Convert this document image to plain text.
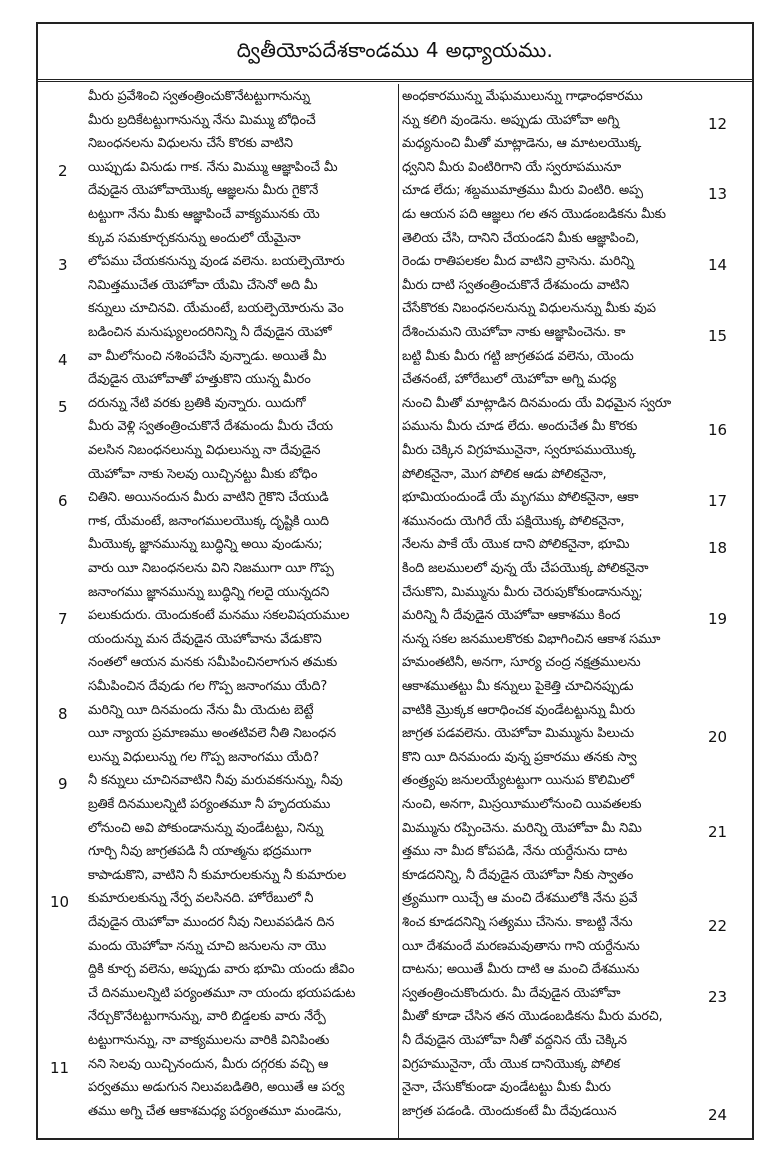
ద్వితీయోపదేశకాండము 4 అధ్యాయము.
మీరు ప్రవేశించి స్వతంత్రించుకొనేటట్టుగానున్ను
మీరు బ్రదికేటట్టుగానున్ను నేను మిమ్ము బోధించే
నిబంధనలను విధులను చేసే కొరకు వాటిని
యిప్పుడు వినుడు గాక. నేను మిమ్ము ఆజ్ఞాపించే మీ
దేవుడైన యెహోవాయొక్క ఆజ్ఞలను మీరు గైకొనే
టట్టుగా నేను మీకు ఆజ్ఞాపించే వాక్యమునకు యె
క్కువ సమకూర్చకనున్ను అందులో యేమైనా
లోపము చేయకనున్ను వుండ వలెను. బయల్పెయోరు
నిమిత్తముచేత యెహోవా యేమి చేసెనో అది మీ
కన్నులు చూచినవి. యేమంటే, బయల్పెయోరును వెం
బడించిన మనుష్యులందరినిన్ని నీ దేవుడైన యెహో
వా మీలోనుంచి నశింపచేసి వున్నాడు. అయితే మీ
దేవుడైన యెహోవాతో హత్తుకొని యున్న మీరం
దరున్ను నేటి వరకు బ్రతికి వున్నారు. యిదుగో
మీరు వెళ్లి స్వతంత్రించుకొనే దేశమందు మీరు చేయ
వలసిన నిబంధనలున్ను విధులున్ను నా దేవుడైన
యెహోవా నాకు సెలవు యిచ్చినట్టు మీకు బోధిం
చితిని. అయినందున మీరు వాటిని గైకొని చేయుడి
గాక, యేమంటే, జనాంగములయొక్క దృష్టికి యిది
మీయొక్క జ్ఞానమున్ను బుద్ధిన్ని అయి వుండును;
వారు యీ నిబంధనలను విని నిజముగా యీ గొప్ప
జనాంగము జ్ఞానమున్ను బుద్ధిన్ని గలదై యున్నదని
పలుకుదురు. యెందుకంటే మనము సకలవిషయముల
యందున్ను మన దేవుడైన యెహోవాను వేడుకొని
నంతలో ఆయన మనకు సమీపించినలాగున తమకు
సమీపించిన దేవుడు గల గొప్ప జనాంగము యేది?
మరిన్ని యీ దినమందు నేను మీ యెదుట బెట్టే
యీ న్యాయ ప్రమాణము అంతటివలె నీతి నిబంధన
లున్ను విధులున్ను గల గొప్ప జనాంగము యేది?
నీ కన్నులు చూచినవాటిని నీవు మరువకనున్ను, నీవు
బ్రతికే దినములన్నిటి పర్యంతమూ నీ హృదయము
లోనుంచి అవి పోకుండానున్ను వుండేటట్టు, నిన్ను
గూర్చి నీవు జాగ్రతపడి నీ యాత్మను భద్రముగా
కాపాడుకొని, వాటిని నీ కుమారులకున్ను నీ కుమారుల
కుమారులకున్ను నేర్ప వలసినది. హోరేబులో నీ
దేవుడైన యెహోవా ముందర నీవు నిలువపడిన దిన
మందు యెహోవా నన్ను చూచి జనులను నా యొ
ద్దికి కూర్చ వలెను, అప్పుడు వారు భూమి యందు జీవిం
చే దినములన్నిటి పర్యంతమూ నా యందు భయపడుట
నేర్చుకొనేటట్టుగానున్ను, వారి బిడ్డలకు వారు నేర్పే
టట్టుగానున్ను, నా వాక్యములను వారికి వినిపింతు
నని సెలవు యిచ్చినందున, మీరు దగ్గరకు వచ్చి ఆ
పర్వతము అడుగున నిలువబడితిరి, అయితే ఆ పర్వ
తము అగ్ని చేత ఆకాశమధ్య పర్యంతమూ మండెను,
అంధకారమున్ను మేఘములున్ను గాఢాంధకారము
న్ను కలిగి వుండెను. అప్పుడు యెహోవా అగ్ని
మధ్యనుంచి మీతో మాట్లాడెను, ఆ మాటలయొక్క
ధ్వనిని మీరు వింటిరిగాని యే స్వరూపమునూ
చూడ లేదు; శబ్దముమాత్రము మీరు వింటిరి. అప్ప
డు ఆయన పది ఆజ్ఞలు గల తన యొడంబడికను మీకు
తెలియ చేసి, దానిని చేయండని మీకు ఆజ్ఞాపించి,
రెండు రాతిపలకల మీద వాటిని వ్రాసెను. మరిన్ని
మీరు దాటి స్వతంత్రించుకొనే దేశమందు వాటిని
చేసేకొరకు నిబంధనలనున్ను విధులనున్ను మీకు వుప
దేశించుమని యెహోవా నాకు ఆజ్ఞాపించెను. కా
బట్టి మీకు మీరు గట్టి జాగ్రతపడ వలెను, యెందు
చేతనంటే, హోరేబులో యెహోవా అగ్ని మధ్య
నుంచి మీతో మాట్లాడిన దినమందు యే విధమైన స్వరూ
పమును మీరు చూడ లేదు. అందుచేత మీ కొరకు
మీరు చెక్కిన విగ్రహమునైనా, స్వరూపముయొక్క
పోలికనైనా, మొగ పోలిక ఆడు పోలికనైనా,
భూమియందుండే యే మృగము పోలికనైనా, ఆకా
శమునందు యెగిరే యే పక్షియొక్క పోలికనైనా,
నేలను పాకే యే యొక దాని పోలికనైనా, భూమి
కింది జలములలో వున్న యే చేపయొక్క పోలికనైనా
చేసుకొని, మిమ్మును మీరు చెరుపుకోకుండానున్ను;
మరిన్ని నీ దేవుడైన యెహోవా ఆకాశము కింద
నున్న సకల జనములకొరకు విభాగించిన ఆకాశ సమూ
హమంతటినీ, అనగా, సూర్య చంద్ర నక్షత్రములను
ఆకాశముతట్టు మీ కన్నులు పైకెత్తి చూచినప్పుడు
వాటికి మ్రొక్కక ఆరాధించక వుండేటట్టున్ను మీరు
జాగ్రత పడవలెను. యెహోవా మిమ్మును పిలుచు
కొని యీ దినమందు వున్న ప్రకారము తనకు స్వా
తంత్ర్యపు జనులయ్యేటట్టుగా యినుప కొలిమిలో
నుంచి, అనగా, మిస్రయీములోనుంచి యివతలకు
మిమ్మును రప్పించెను. మరిన్ని యెహోవా మీ నిమి
త్తము నా మీద కోపపడి, నేను యర్దేనును దాట
కూడదనిన్ని, నీ దేవుడైన యెహోవా నీకు స్వాతం
త్ర్యముగా యిచ్చే ఆ మంచి దేశములోకి నేను ప్రవే
శించ కూడదనిన్ని సత్యము చేసెను. కాబట్టి నేను
యీ దేశమందే మరణమవుతాను గాని యర్దేనును
దాటను; అయితే మీరు దాటి ఆ మంచి దేశమును
స్వతంత్రించుకొందురు. మీ దేవుడైన యెహోవా
మీతో కూడా చేసిన తన యొడంబడికను మీరు మరచి,
నీ దేవుడైన యెహోవా నీతో వద్దనిన యే చెక్కిన
విగ్రహమునైనా, యే యొక దానియొక్క పోలిక
నైనా, చేసుకోకుండా వుండేటట్టు మీకు మీరు
జాగ్రత పడండి. యెందుకంటే మీ దేవుడయిన
2
3
4
5
6
7
8
9
10
11
12
13
14
15
16
17
18
19
20
21
22
23
24
